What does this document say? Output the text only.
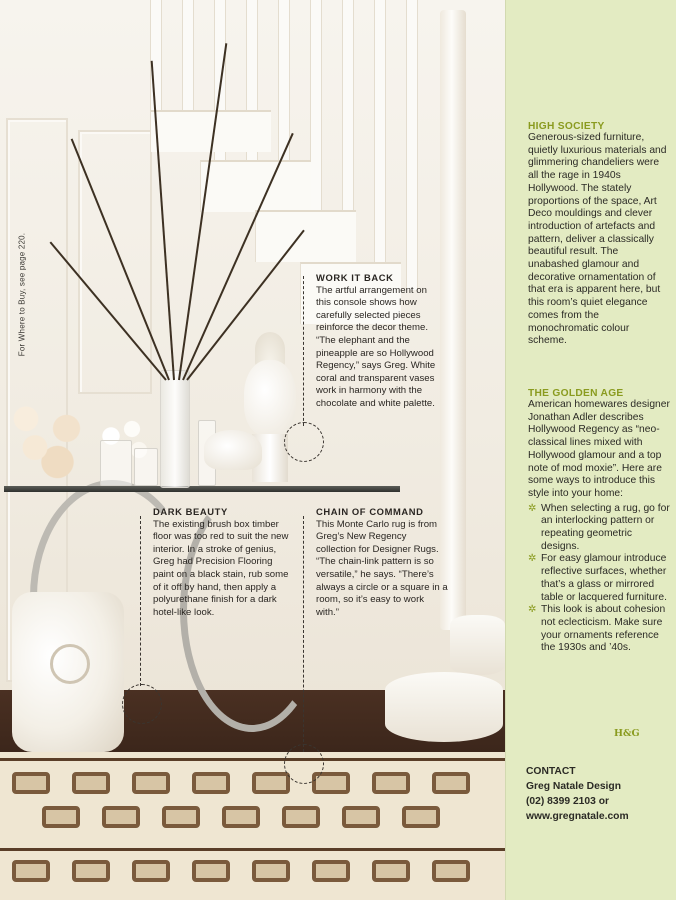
WORK IT BACK
The artful arrangement on this console shows how carefully selected pieces reinforce the decor theme. “The elephant and the pineapple are so Hollywood Regency,” says Greg. White coral and transparent vases work in harmony with the chocolate and white palette.
DARK BEAUTY
The existing brush box timber floor was too red to suit the new interior. In a stroke of genius, Greg had Precision Flooring paint on a black stain, rub some of it off by hand, then apply a polyurethane finish for a dark hotel-like look.
CHAIN OF COMMAND
This Monte Carlo rug is from Greg’s New Regency collection for Designer Rugs. “The chain-link pattern is so versatile,” he says. “There’s always a circle or a square in a room, so it’s easy to work with.”
For Where to Buy, see page 220.
HIGH SOCIETY
Generous-sized furniture, quietly luxurious materials and glimmering chandeliers were all the rage in 1940s Hollywood. The stately proportions of the space, Art Deco mouldings and clever introduction of artefacts and pattern, deliver a classically beautiful result. The unabashed glamour and decorative ornamentation of that era is apparent here, but this room’s quiet elegance comes from the monochromatic colour scheme.
THE GOLDEN AGE
American homewares designer Jonathan Adler describes Hollywood Regency as “neo-classical lines mixed with Hollywood glamour and a top note of mod moxie”. Here are some ways to introduce this style into your home:
✲ When selecting a rug, go for an interlocking pattern or repeating geometric designs.
✲ For easy glamour introduce reflective surfaces, whether that’s a glass or mirrored table or lacquered furniture.
✲ This look is about cohesion not eclecticism. Make sure your ornaments reference the 1930s and ’40s.
H&G
CONTACT
Greg Natale Design
(02) 8399 2103 or
www.gregnatale.com
